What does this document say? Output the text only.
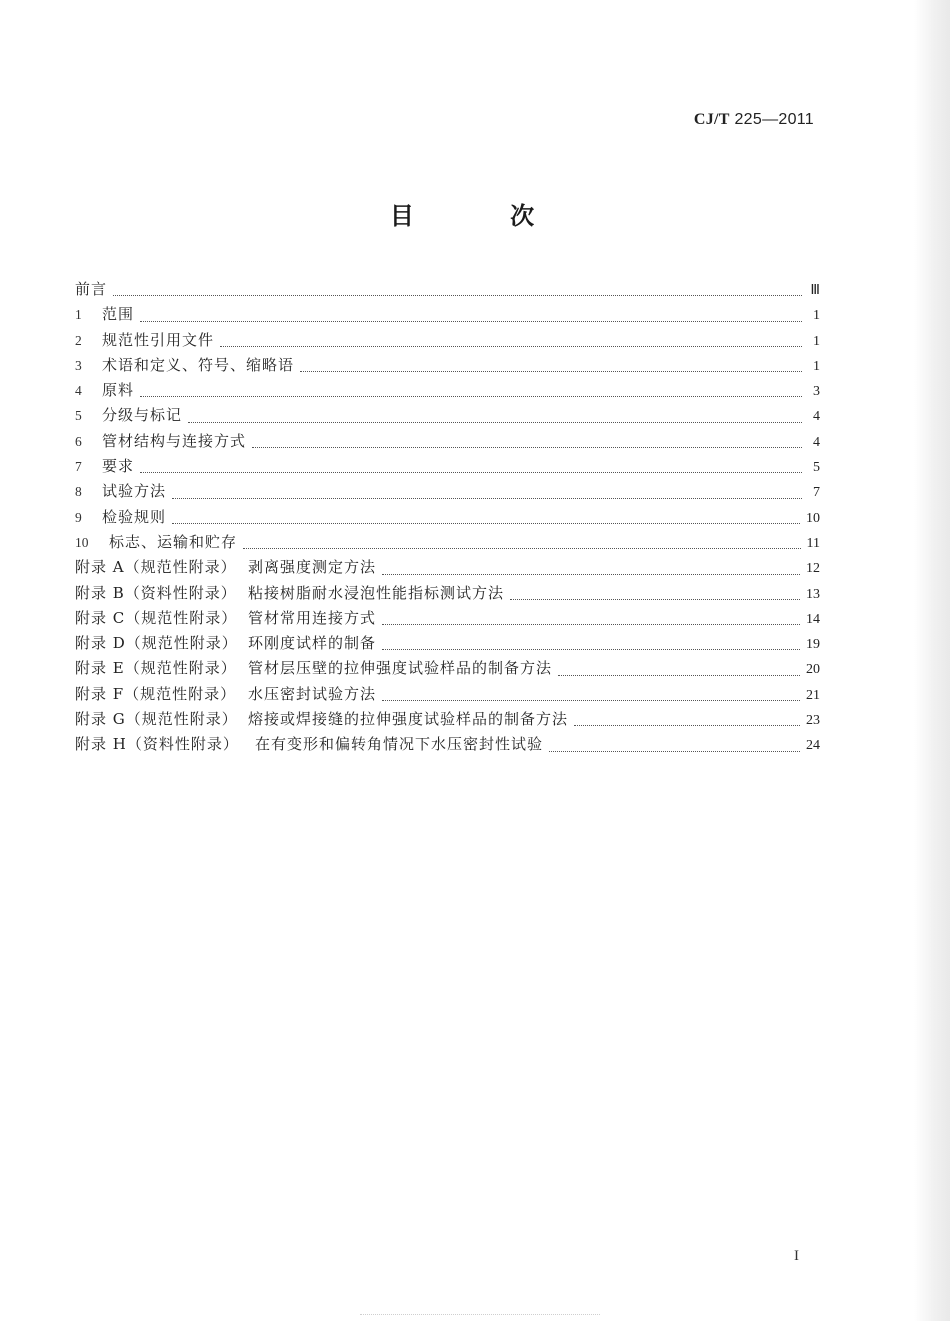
CJ/T 225—2011
目 次
前言	Ⅲ
1	范围	1
2	规范性引用文件	1
3	术语和定义、符号、缩略语	1
4	原料	3
5	分级与标记	4
6	管材结构与连接方式	4
7	要求	5
8	试验方法	7
9	检验规则	10
10	标志、运输和贮存	11
附录 A（规范性附录） 剥离强度测定方法	12
附录 B（资料性附录） 粘接树脂耐水浸泡性能指标测试方法	13
附录 C（规范性附录） 管材常用连接方式	14
附录 D（规范性附录） 环刚度试样的制备	19
附录 E（规范性附录） 管材层压壁的拉伸强度试验样品的制备方法	20
附录 F（规范性附录） 水压密封试验方法	21
附录 G（规范性附录） 熔接或焊接缝的拉伸强度试验样品的制备方法	23
附录 H（资料性附录）	在有变形和偏转角情况下水压密封性试验	24
I
